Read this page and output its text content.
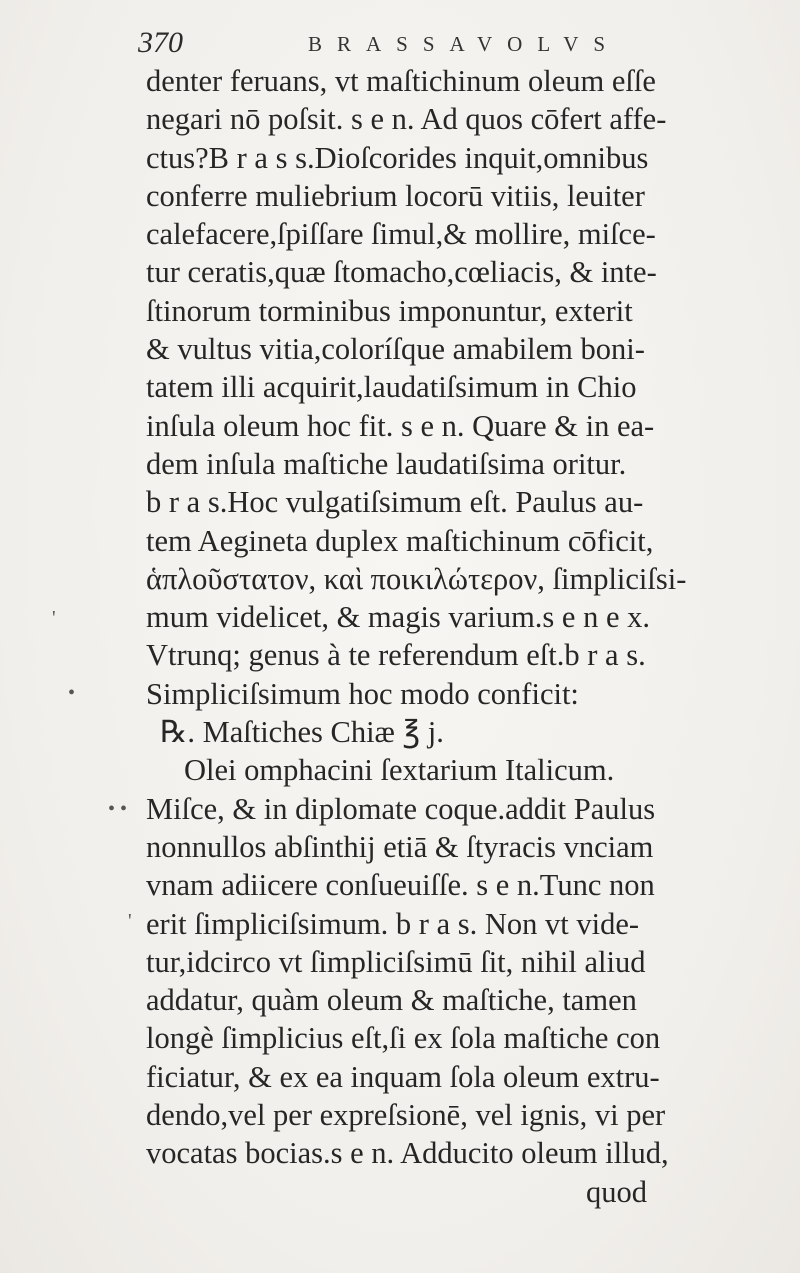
370	BRASSAVOLVS
'
•
• •
'
denter feruans, vt maſtichinum oleum eſſe
negari nō poſsit. s e n. Ad quos cōfert affe-
ctus?B r a s s.Dioſcorides inquit,omnibus
conferre muliebrium locorū vitiis, leuiter
calefacere,ſpiſſare ſimul,& mollire, miſce-
tur ceratis,quæ ſtomacho,cœliacis, & inte-
ſtinorum torminibus imponuntur, exterit
& vultus vitia,coloríſque amabilem boni-
tatem illi acquirit,laudatiſsimum in Chio
inſula oleum hoc fit. s e n. Quare & in ea-
dem inſula maſtiche laudatiſsima oritur.
b r a s.Hoc vulgatiſsimum eſt. Paulus au-
tem Aegineta duplex maſtichinum cōficit,
ἁπλοῦστατον, καὶ ποικιλώτερον, ſimpliciſsi-
mum videlicet, & magis varium.s e n e x.
Vtrunq; genus à te referendum eſt.b r a s.
Simpliciſsimum hoc modo conficit:
℞. Maſtiches Chiæ ℥ j.
Olei omphacini ſextarium Italicum.
Miſce, & in diplomate coque.addit Paulus
nonnullos abſinthij etiā & ſtyracis vnciam
vnam adiicere conſueuiſſe. s e n.Tunc non
erit ſimpliciſsimum. b r a s. Non vt vide-
tur,idcirco vt ſimpliciſsimū ſit, nihil aliud
addatur, quàm oleum & maſtiche, tamen
longè ſimplicius eſt,ſi ex ſola maſtiche con
ficiatur, & ex ea inquam ſola oleum extru-
dendo,vel per expreſsionē, vel ignis, vi per
vocatas bocias.s e n. Adducito oleum illud,
quod
